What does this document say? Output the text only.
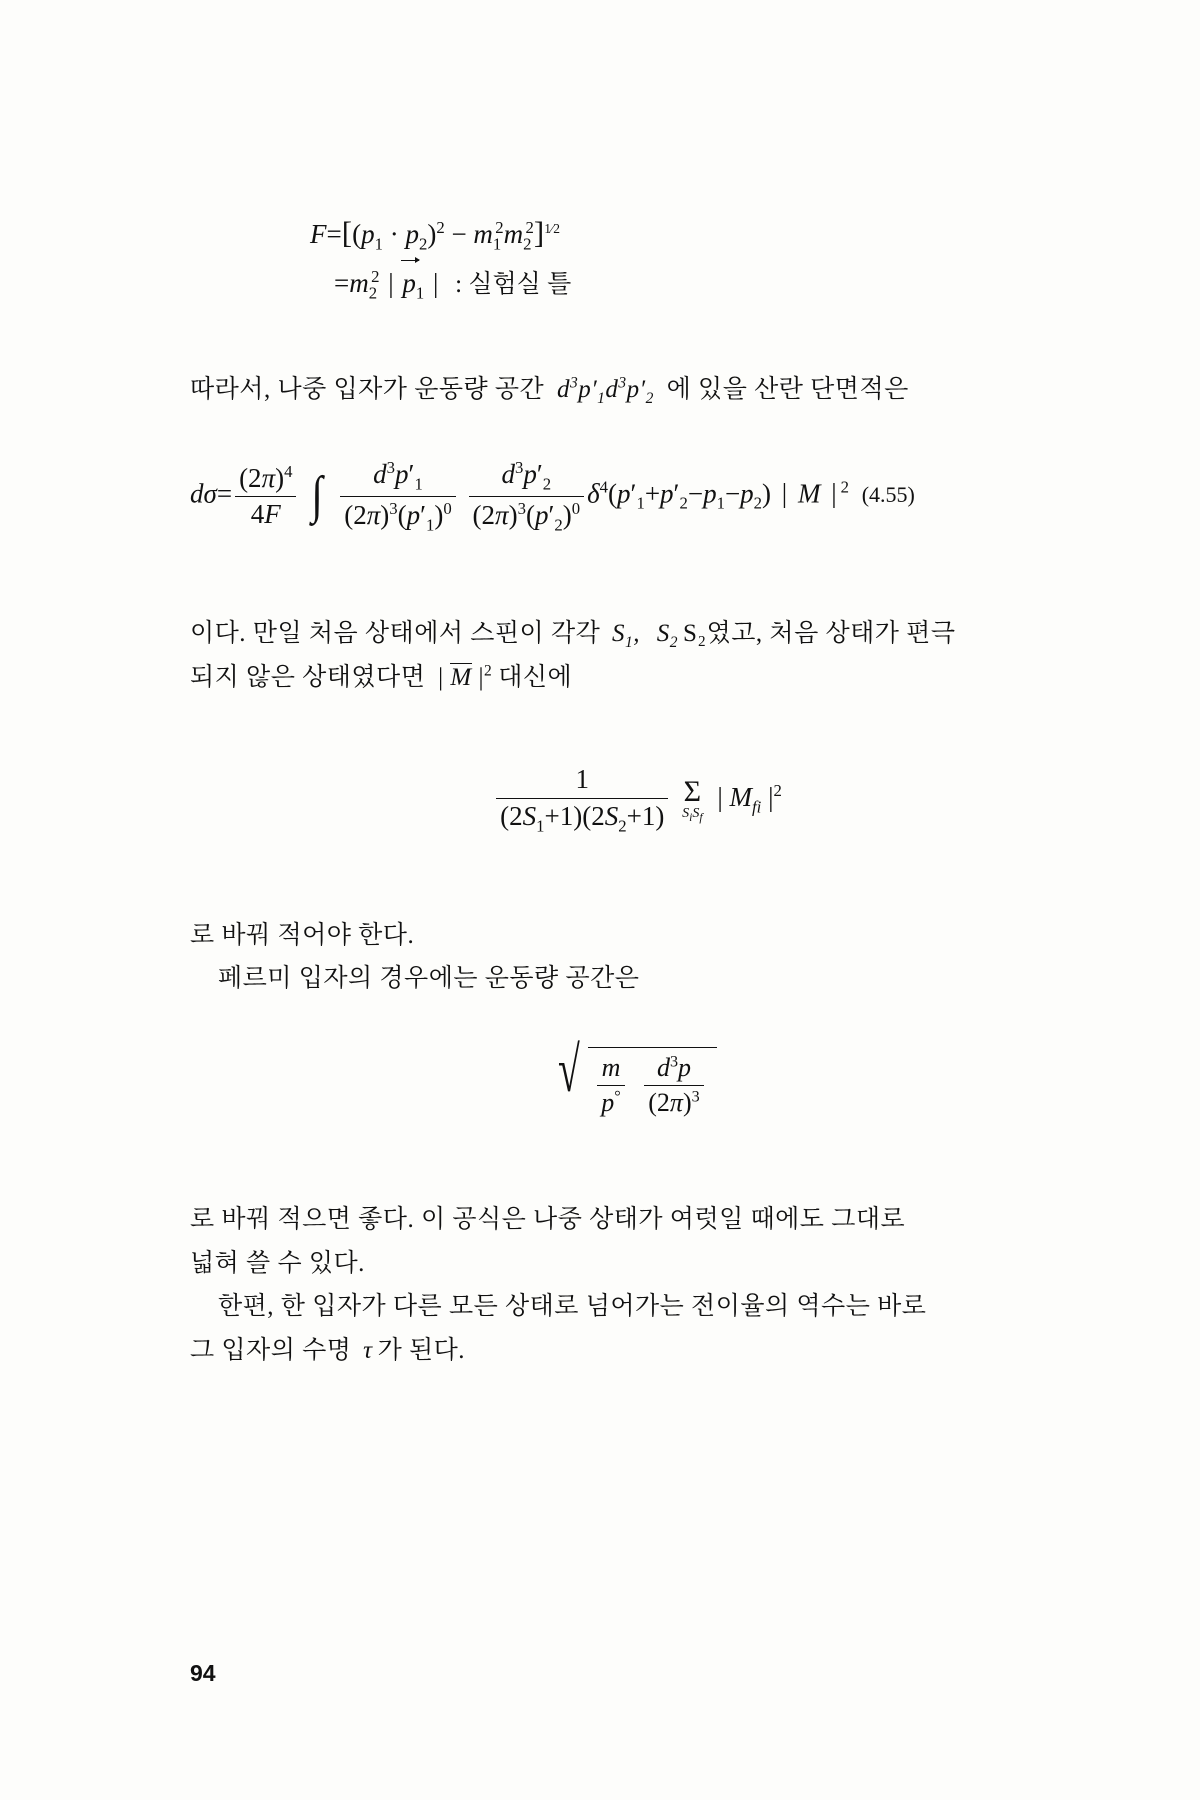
$F=[(p_1 \cdot p_2)^2 - m_1^2m_2^2]^{1⁄2}$
$=m_2^2$ | $p_1$ | : 실험실 틀

따라서, 나중 입자가 운동량 공간 $d^3p'_1d^3p'_2$ 에 있을 산란 단면적은

$d\sigma= \frac{(2\pi)^4}{4F}$ ∫ $\frac{d^3p'_1}{(2\pi)^3(p'_1)^0}$
$\frac{d^3p'_2}{(2\pi)^3(p'_2)^0} \delta^4(p'_1+p'_2-p_1-p_2)$ | M | $^2$ (4.55)

이다. 만일 처음 상태에서 스핀이 각각 $S_1$, $S_2$ S₂였고, 처음 상태가 편극
되지 않은 상태였다면 | M $|^2$ 대신에

$\frac{1}{(2S_1+1)(2S_2+1)}$
Σ
$S_iS_f$
| $M_{fi}$ $|^2$

로 바꿔 적어야 한다.

페르미 입자의 경우에는 운동량 공간은

√ $\frac{m}{p^\circ}$
$\frac{d^3p}{(2\pi)^3}$

로 바꿔 적으면 좋다. 이 공식은 나중 상태가 여럿일 때에도 그대로
넓혀 쓸 수 있다.

한편, 한 입자가 다른 모든 상태로 넘어가는 전이율의 역수는 바로
그 입자의 수명 τ 가 된다.

94
